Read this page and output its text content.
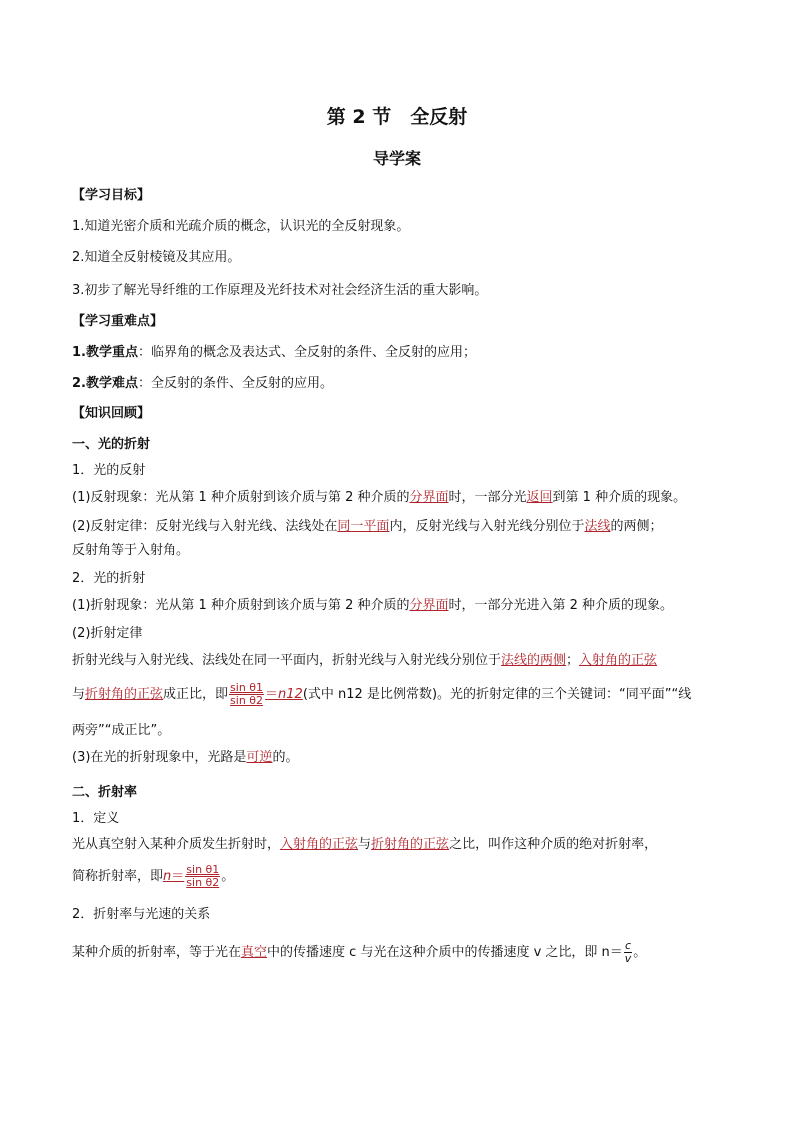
第 2 节　全反射
导学案
【学习目标】
1.知道光密介质和光疏介质的概念，认识光的全反射现象。
2.知道全反射棱镜及其应用。
3.初步了解光导纤维的工作原理及光纤技术对社会经济生活的重大影响。
【学习重难点】
1.教学重点：临界角的概念及表达式、全反射的条件、全反射的应用；
2.教学难点：全反射的条件、全反射的应用。
【知识回顾】
一、光的折射
1．光的反射
(1)反射现象：光从第 1 种介质射到该介质与第 2 种介质的分界面时，一部分光返回到第 1 种介质的现象。
(2)反射定律：反射光线与入射光线、法线处在同一平面内，反射光线与入射光线分别位于法线的两侧；
反射角等于入射角。
2．光的折射
(1)折射现象：光从第 1 种介质射到该介质与第 2 种介质的分界面时，一部分光进入第 2 种介质的现象。
(2)折射定律
折射光线与入射光线、法线处在同一平面内，折射光线与入射光线分别位于法线的两侧；入射角的正弦
与折射角的正弦成正比，即 $\frac{\text{sin θ1}}{\text{sin θ2}} =n12$(式中 n12 是比例常数)。光的折射定律的三个关键词：“同平面”“线
两旁”“成正比”。
(3)在光的折射现象中，光路是可逆的。
二、折射率
1．定义
光从真空射入某种介质发生折射时，入射角的正弦与折射角的正弦之比，叫作这种介质的绝对折射率，
简称折射率，即$n= \frac{\text{sin θ1}}{\text{sin θ2}}$ 。
2．折射率与光速的关系
某种介质的折射率，等于光在真空中的传播速度 c 与光在这种介质中的传播速度 v 之比，即 $n= \frac{c}{v}$ 。
